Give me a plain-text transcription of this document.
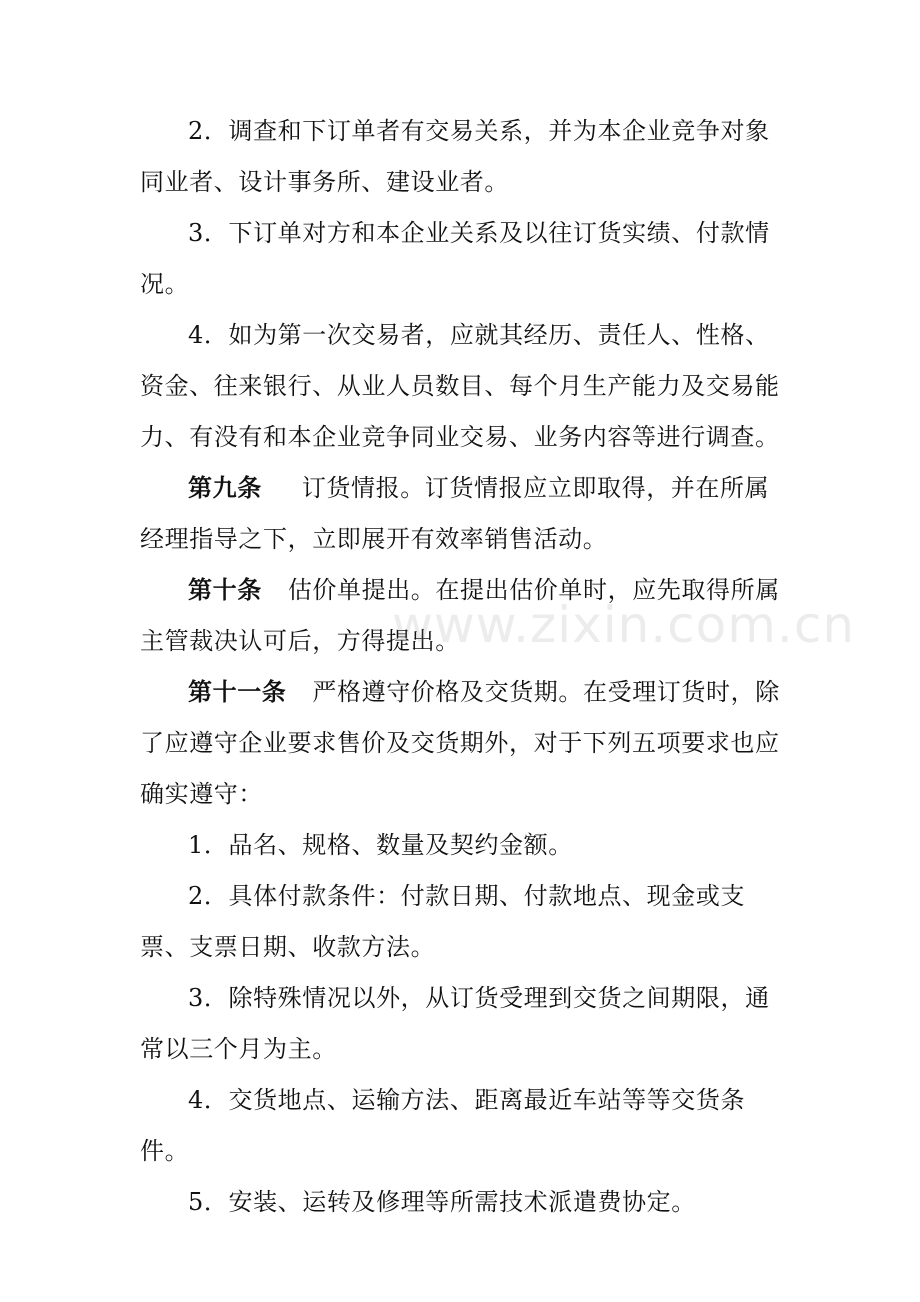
2．调查和下订单者有交易关系，并为本企业竞争对象同业者、设计事务所、建设业者。

3．下订单对方和本企业关系及以往订货实绩、付款情况。

4．如为第一次交易者，应就其经历、责任人、性格、资金、往来银行、从业人员数目、每个月生产能力及交易能力、有没有和本企业竞争同业交易、业务内容等进行调查。

第九条 订货情报。订货情报应立即取得，并在所属经理指导之下，立即展开有效率销售活动。

第十条 估价单提出。在提出估价单时，应先取得所属主管裁决认可后，方得提出。

第十一条 严格遵守价格及交货期。在受理订货时，除了应遵守企业要求售价及交货期外，对于下列五项要求也应确实遵守：

1．品名、规格、数量及契约金额。

2．具体付款条件：付款日期、付款地点、现金或支票、支票日期、收款方法。

3．除特殊情况以外，从订货受理到交货之间期限，通常以三个月为主。

4．交货地点、运输方法、距离最近车站等等交货条件。

5．安装、运转及修理等所需技术派遣费协定。

www.zixin.com.cn
